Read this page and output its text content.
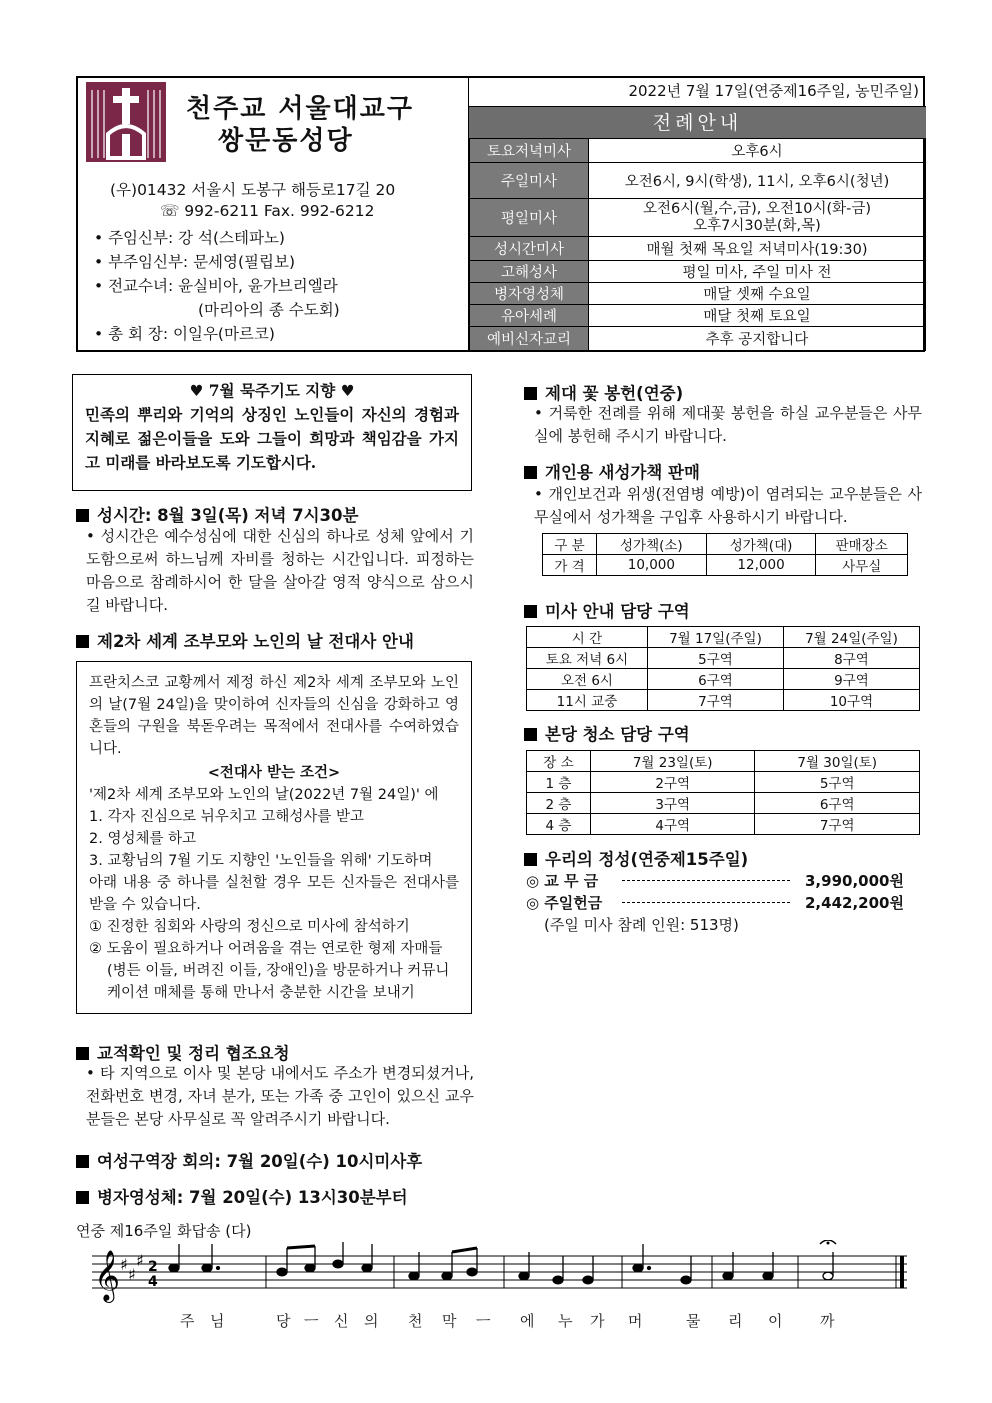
천주교 서울대교구
쌍문동성당
(우)01432 서울시 도봉구 해등로17길 20
☏ 992-6211 Fax. 992-6212
• 주임신부: 강 석(스테파노)
• 부주임신부: 문세영(필립보)
• 전교수녀: 윤실비아, 윤가브리엘라
(마리아의 종 수도회)
• 총 회 장: 이일우(마르코)
2022년 7월 17일(연중제16주일, 농민주일)
전례안내
토요저녁미사	오후6시
주일미사	오전6시, 9시(학생), 11시, 오후6시(청년)
평일미사	오전6시(월,수,금), 오전10시(화-금)
오후7시30분(화,목)

성시간미사	매월 첫째 목요일 저녁미사(19:30)
고해성사	평일 미사, 주일 미사 전
병자영성체	매달 셋째 수요일
유아세례	매달 첫째 토요일
예비신자교리	추후 공지합니다
♥ 7월 묵주기도 지향 ♥
민족의 뿌리와 기억의 상징인 노인들이 자신의 경험과 지혜로 젊은이들을 도와 그들이 희망과 책임감을 가지고 미래를 바라보도록 기도합시다.
성시간: 8월 3일(목) 저녁 7시30분
• 성시간은 예수성심에 대한 신심의 하나로 성체 앞에서 기도함으로써 하느님께 자비를 청하는 시간입니다. 피정하는 마음으로 참례하시어 한 달을 살아갈 영적 양식으로 삼으시길 바랍니다.
제2차 세계 조부모와 노인의 날 전대사 안내
프란치스코 교황께서 제정 하신 제2차 세계 조부모와 노인의 날(7월 24일)을 맞이하여 신자들의 신심을 강화하고 영혼들의 구원을 북돋우려는 목적에서 전대사를 수여하였습니다.
<전대사 받는 조건>
'제2차 세계 조부모와 노인의 날(2022년 7월 24일)' 에
1. 각자 진심으로 뉘우치고 고해성사를 받고
2. 영성체를 하고
3. 교황님의 7월 기도 지향인 '노인들을 위해' 기도하며
아래 내용 중 하나를 실천할 경우 모든 신자들은 전대사를 받을 수 있습니다.
① 진정한 침회와 사랑의 정신으로 미사에 참석하기
② 도움이 필요하거나 어려움을 겪는 연로한 형제 자매들(병든 이들, 버려진 이들, 장애인)을 방문하거나 커뮤니케이션 매체를 통해 만나서 충분한 시간을 보내기
교적확인 및 정리 협조요청
• 타 지역으로 이사 및 본당 내에서도 주소가 변경되셨거나, 전화번호 변경, 자녀 분가, 또는 가족 중 고인이 있으신 교우분들은 본당 사무실로 꼭 알려주시기 바랍니다.
여성구역장 회의: 7월 20일(수) 10시미사후
병자영성체: 7월 20일(수) 13시30분부터
제대 꽃 봉헌(연중)
• 거룩한 전례를 위해 제대꽃 봉헌을 하실 교우분들은 사무실에 봉헌해 주시기 바랍니다.
개인용 새성가책 판매
• 개인보건과 위생(전염병 예방)이 염려되는 교우분들은 사무실에서 성가책을 구입후 사용하시기 바랍니다.
구 분	성가책(소)	성가책(대)	판매장소
가 격	10,000	12,000	사무실
미사 안내 담당 구역
시 간	7월 17일(주일)	7월 24일(주일)
토요 저녁 6시	5구역	8구역
오전 6시	6구역	9구역
11시 교중	7구역	10구역
본당 청소 담당 구역
장 소	7월 23일(토)	7월 30일(토)
1 층	2구역	5구역
2 층	3구역	6구역
4 층	4구역	7구역
우리의 정성(연중제15주일)
◎ 교 무 금	3,990,000원
◎ 주일헌금	2,442,200원
(주일 미사 참례 인원: 513명)
연중 제16주일 화답송 (다)
𝄞 ♯
♯
♯ 2
4
주 님	당 ㅡ 신 의 천 막 ㅡ 에 누 가 머	물 리 이	까
